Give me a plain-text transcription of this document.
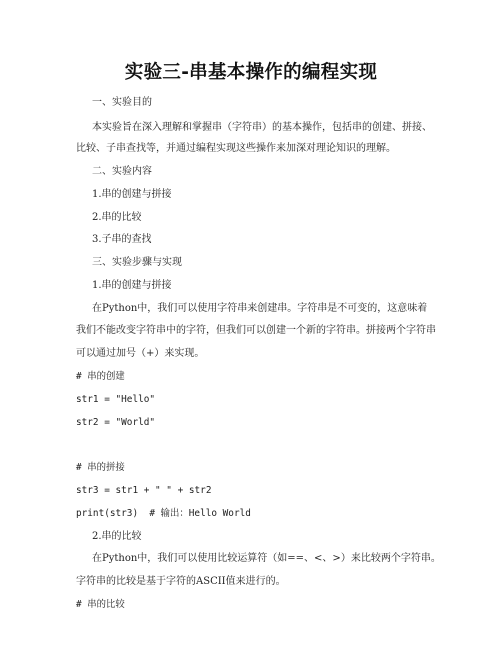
实验三-串基本操作的编程实现
一、实验目的
本实验旨在深入理解和掌握串（字符串）的基本操作，包括串的创建、拼接、
比较、子串查找等，并通过编程实现这些操作来加深对理论知识的理解。
二、实验内容
1.串的创建与拼接
2.串的比较
3.子串的查找
三、实验步骤与实现
1.串的创建与拼接
在Python中，我们可以使用字符串来创建串。字符串是不可变的，这意味着
我们不能改变字符串中的字符，但我们可以创建一个新的字符串。拼接两个字符串
可以通过加号（+）来实现。
# 串的创建
str1 = "Hello"
str2 = "World"
# 串的拼接
str3 = str1 + " " + str2
print(str3)  # 输出：Hello World
2.串的比较
在Python中，我们可以使用比较运算符（如==、<、>）来比较两个字符串。
字符串的比较是基于字符的ASCII值来进行的。
# 串的比较
